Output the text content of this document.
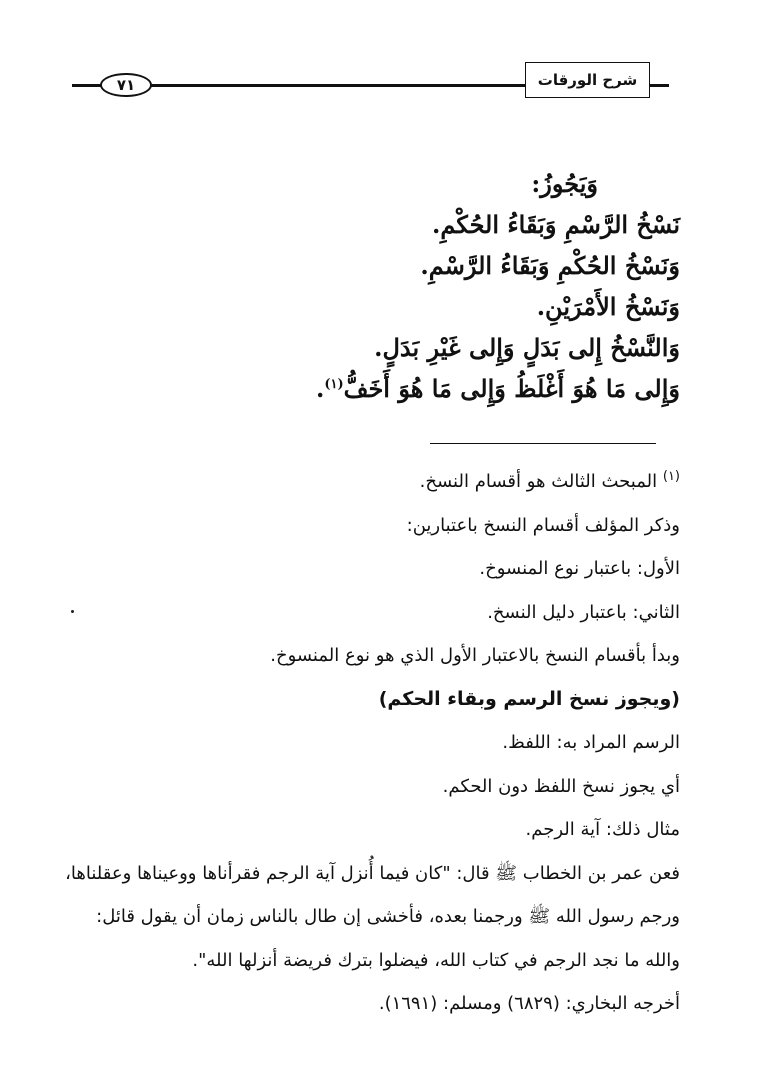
شرح الورقات
٧١
وَيَجُوزُ:
نَسْخُ الرَّسْمِ وَبَقَاءُ الحُكْمِ.
وَنَسْخُ الحُكْمِ وَبَقَاءُ الرَّسْمِ.
وَنَسْخُ الأَمْرَيْنِ.
وَالنَّسْخُ إِلى بَدَلٍ وَإِلى غَيْرِ بَدَلٍ.
وَإِلى مَا هُوَ أَغْلَظُ وَإِلى مَا هُوَ أَخَفُّ$^{(١)}$.
$^{(١)}$ المبحث الثالث هو أقسام النسخ.
وذكر المؤلف أقسام النسخ باعتبارين:
الأول: باعتبار نوع المنسوخ.
الثاني: باعتبار دليل النسخ.
وبدأ بأقسام النسخ بالاعتبار الأول الذي هو نوع المنسوخ.
(ويجوز نسخ الرسم وبقاء الحكم)
الرسم المراد به: اللفظ.
أي يجوز نسخ اللفظ دون الحكم.
مثال ذلك: آية الرجم.
فعن عمر بن الخطاب ﷺ قال: "كان فيما أُنزل آية الرجم فقرأناها ووعيناها وعقلناها،
ورجم رسول الله ﷺ ورجمنا بعده، فأخشى إن طال بالناس زمان أن يقول قائل:
والله ما نجد الرجم في كتاب الله، فيضلوا بترك فريضة أنزلها الله".
أخرجه البخاري: (٦٨٢٩) ومسلم: (١٦٩١).
